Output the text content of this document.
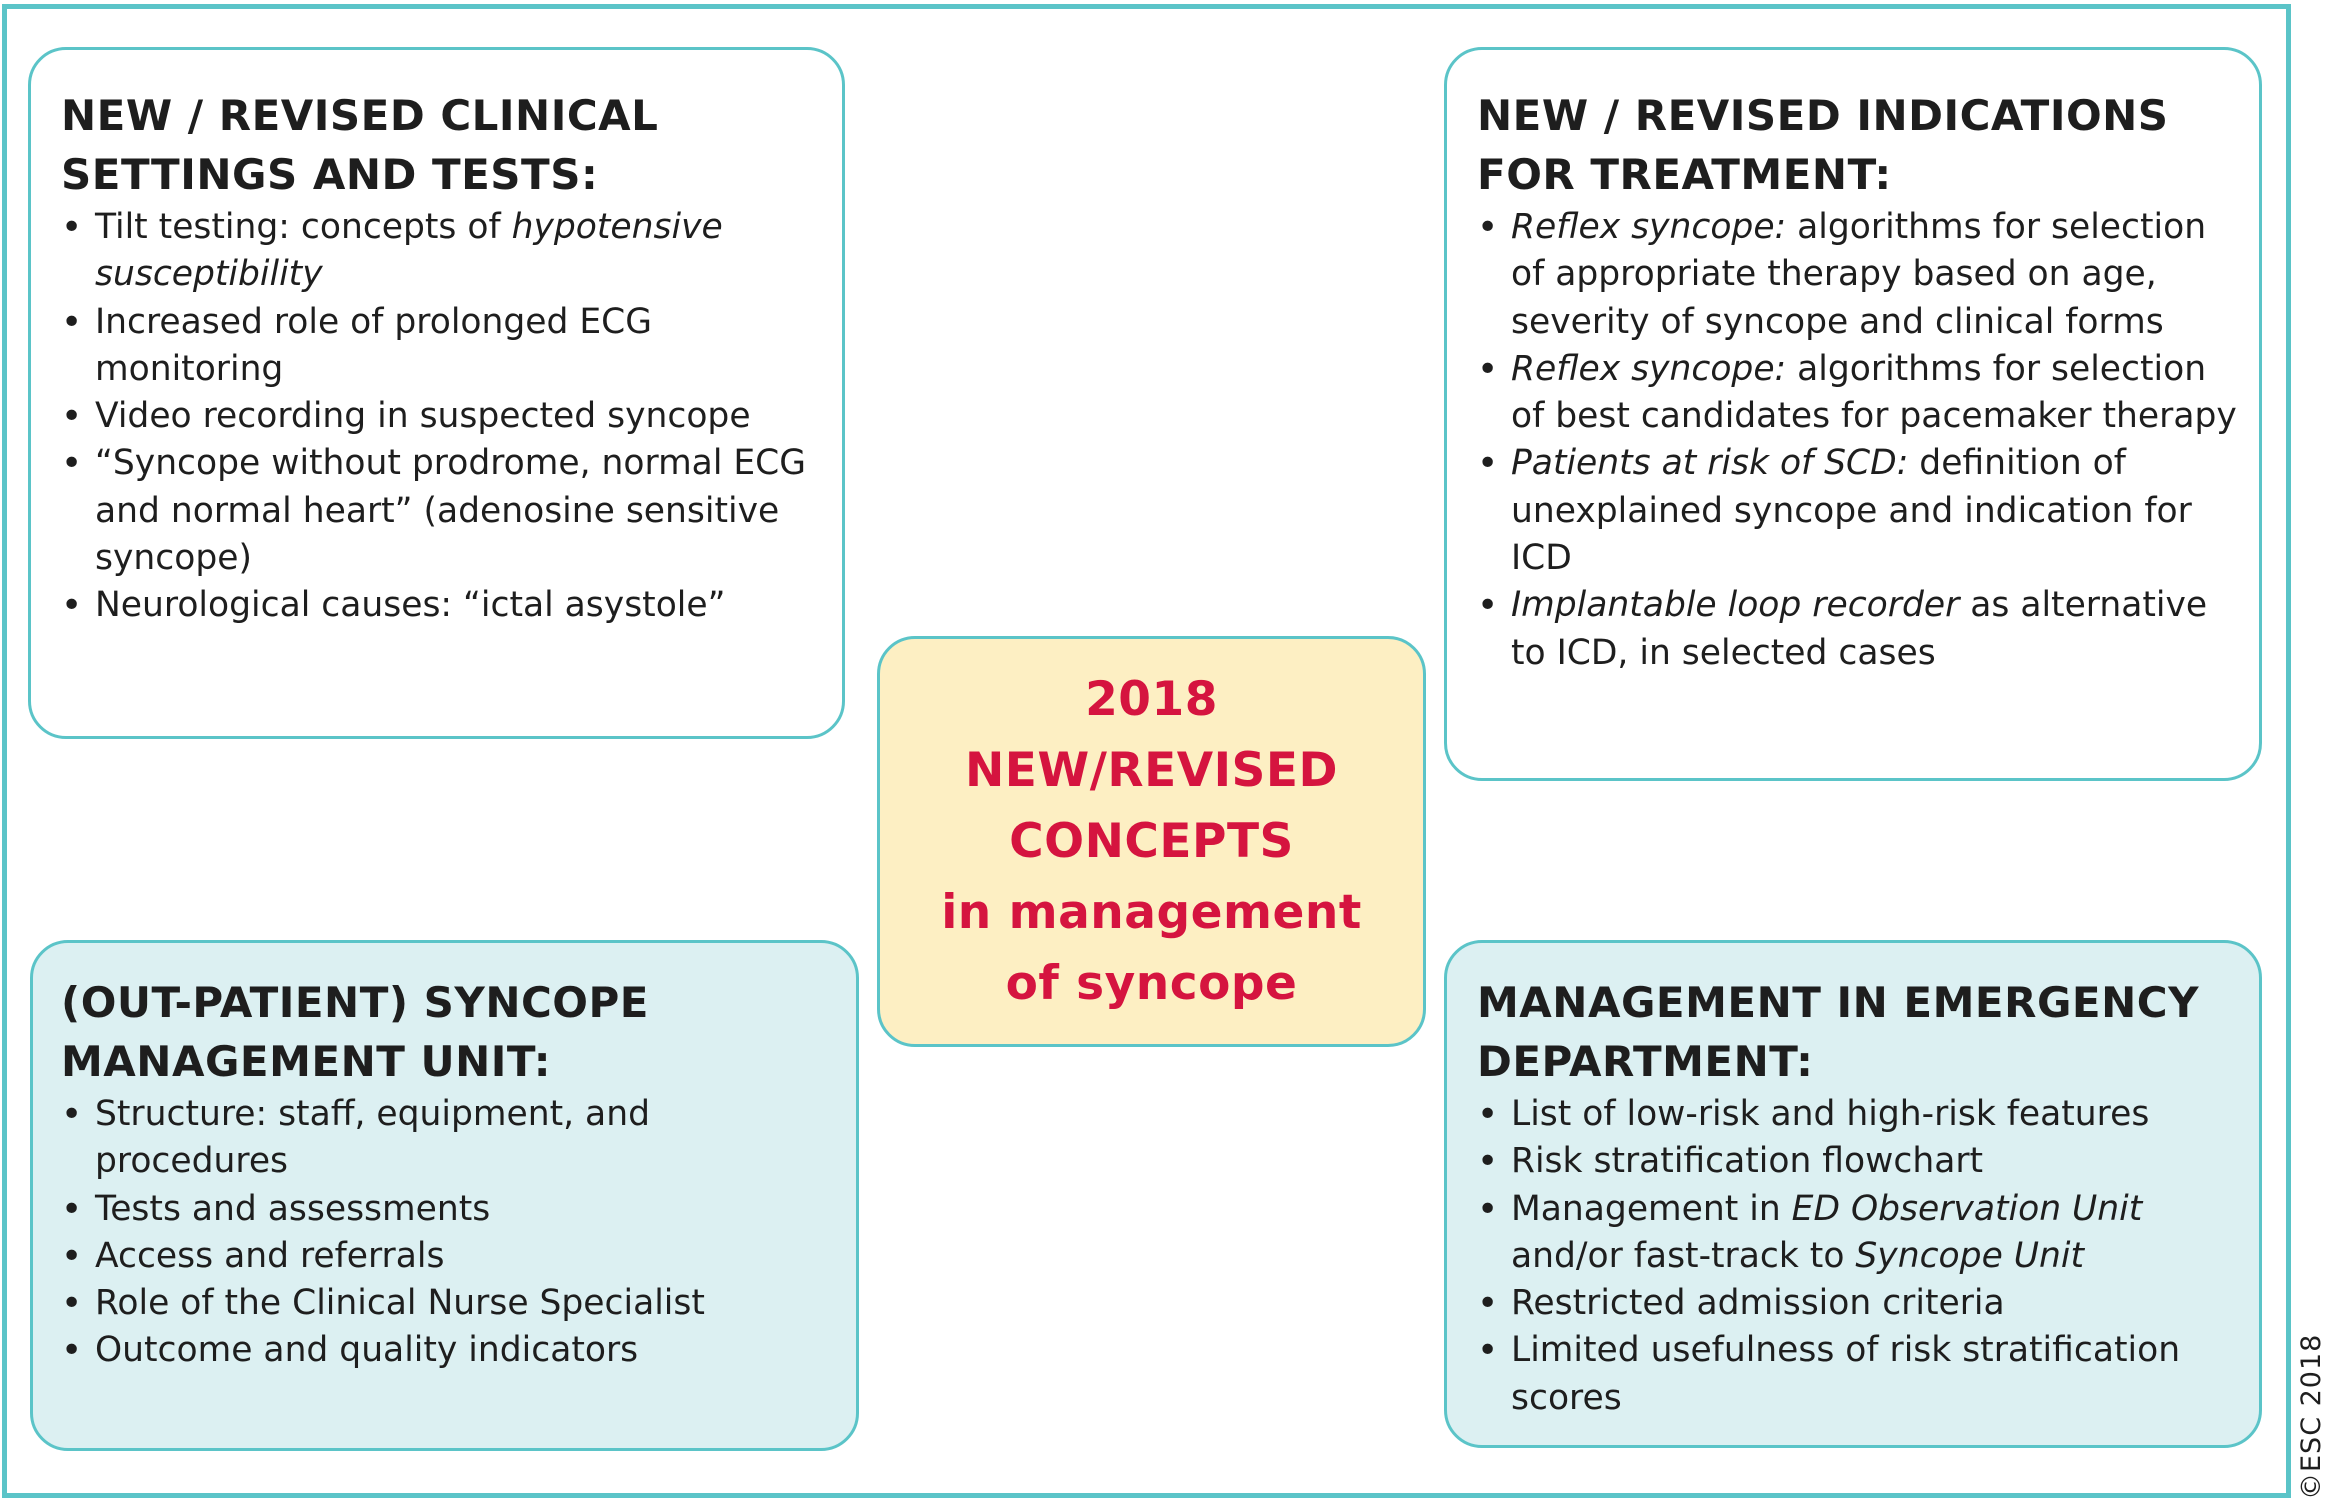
NEW / REVISED CLINICAL
SETTINGS AND TESTS:
• Tilt testing: concepts of hypotensive susceptibility
• Increased role of prolonged ECG monitoring
• Video recording in suspected syncope
• “Syncope without prodrome, normal ECG and normal heart” (adenosine sensitive syncope)
• Neurological causes: “ictal asystole”
NEW / REVISED INDICATIONS
FOR TREATMENT:
• Reflex syncope: algorithms for selection of appropriate therapy based on age, severity of syncope and clinical forms
• Reflex syncope: algorithms for selection of best candidates for pacemaker therapy
• Patients at risk of SCD: definition of unexplained syncope and indication for ICD
• Implantable loop recorder as alternative to ICD, in selected cases
2018
NEW/REVISED
CONCEPTS
in management
of syncope
(OUT-PATIENT) SYNCOPE
MANAGEMENT UNIT:
• Structure: staff, equipment, and procedures
• Tests and assessments
• Access and referrals
• Role of the Clinical Nurse Specialist
• Outcome and quality indicators
MANAGEMENT IN EMERGENCY
DEPARTMENT:
• List of low-risk and high-risk features
• Risk stratification flowchart
• Management in ED Observation Unit and/or fast-track to Syncope Unit
• Restricted admission criteria
• Limited usefulness of risk stratification scores	©ESC 2018
